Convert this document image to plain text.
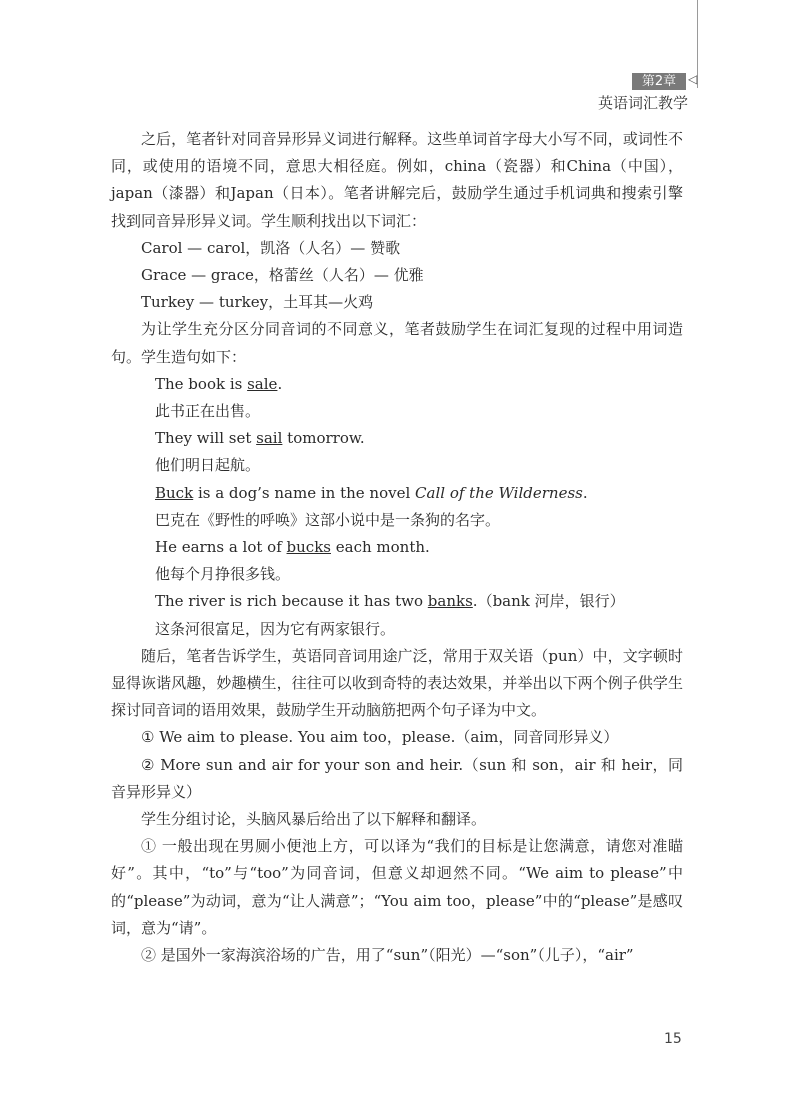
第2章 ◁
英语词汇教学

之后，笔者针对同音异形异义词进行解释。这些单词首字母大小写不同，或词性不同，或使用的语境不同，意思大相径庭。例如，china（瓷器）和China（中国），japan（漆器）和Japan（日本）。笔者讲解完后，鼓励学生通过手机词典和搜索引擎找到同音异形异义词。学生顺利找出以下词汇：

Carol — carol，凯洛（人名）— 赞歌

Grace — grace，格蕾丝（人名）— 优雅

Turkey — turkey，土耳其—火鸡

为让学生充分区分同音词的不同意义，笔者鼓励学生在词汇复现的过程中用词造句。学生造句如下：

The book is sale.

此书正在出售。

They will set sail tomorrow.

他们明日起航。

Buck is a dog’s name in the novel Call of the Wilderness.

巴克在《野性的呼唤》这部小说中是一条狗的名字。

He earns a lot of bucks each month.

他每个月挣很多钱。

The river is rich because it has two banks.（bank 河岸，银行）

这条河很富足，因为它有两家银行。

随后，笔者告诉学生，英语同音词用途广泛，常用于双关语（pun）中，文字顿时显得诙谐风趣，妙趣横生，往往可以收到奇特的表达效果，并举出以下两个例子供学生探讨同音词的语用效果，鼓励学生开动脑筋把两个句子译为中文。

① We aim to please. You aim too，please.（aim，同音同形异义）

② More sun and air for your son and heir.（sun 和 son，air 和 heir，同音异形异义）

学生分组讨论，头脑风暴后给出了以下解释和翻译。

① 一般出现在男厕小便池上方，可以译为“我们的目标是让您满意，请您对准瞄好”。其中，“to”与“too”为同音词，但意义却迥然不同。“We aim to please”中的“please”为动词，意为“让人满意”；“You aim too，please”中的“please”是感叹词，意为“请”。

② 是国外一家海滨浴场的广告，用了“sun”（阳光）—“son”（儿子），“air”

15
